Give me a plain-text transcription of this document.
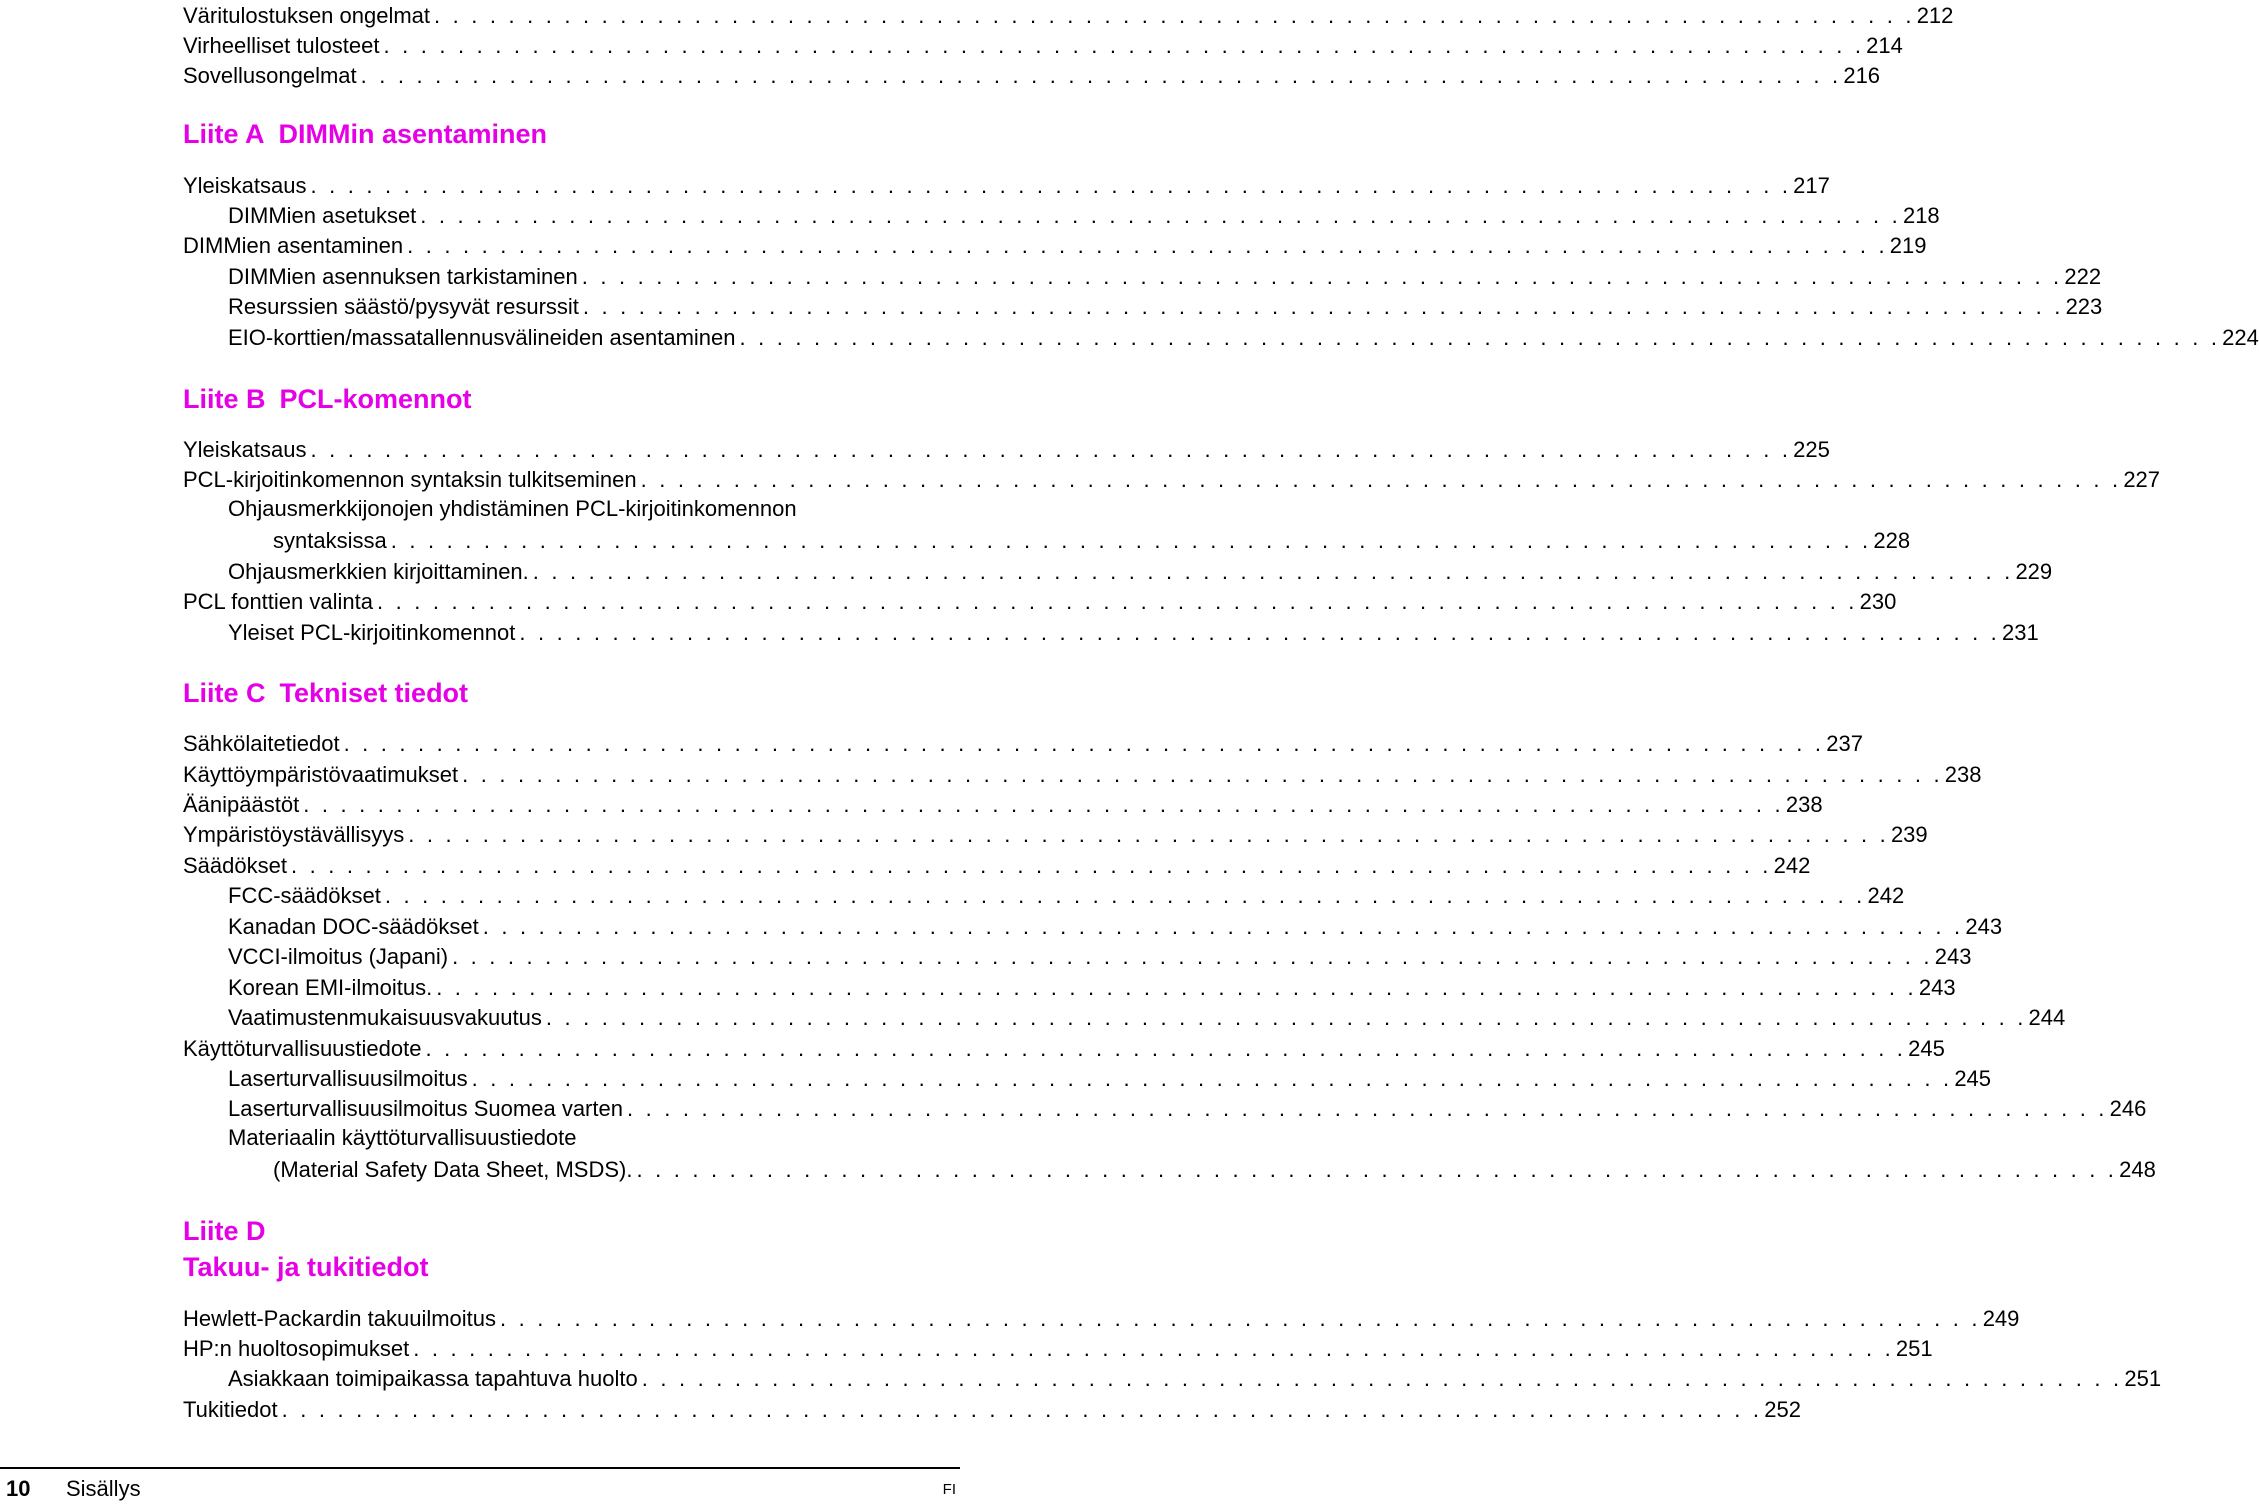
Väritulostuksen ongelmat . . . . . . . . . . . . . . . . . . . . . . . . . . . . . . . . . . . . . . . . . . . . . . . . . . . . . . . . . . . . . . . . . . . . . . . . . . . . . . . . 212
Virheelliset tulosteet . . . . . . . . . . . . . . . . . . . . . . . . . . . . . . . . . . . . . . . . . . . . . . . . . . . . . . . . . . . . . . . . . . . . . . . . . . . . . . . . 214
Sovellusongelmat . . . . . . . . . . . . . . . . . . . . . . . . . . . . . . . . . . . . . . . . . . . . . . . . . . . . . . . . . . . . . . . . . . . . . . . . . . . . . . . . 216
Liite A DIMMin asentaminen
Yleiskatsaus . . . . . . . . . . . . . . . . . . . . . . . . . . . . . . . . . . . . . . . . . . . . . . . . . . . . . . . . . . . . . . . . . . . . . . . . . . . . . . . . 217
DIMMien asetukset . . . . . . . . . . . . . . . . . . . . . . . . . . . . . . . . . . . . . . . . . . . . . . . . . . . . . . . . . . . . . . . . . . . . . . . . . . . . . . . . 218
DIMMien asentaminen . . . . . . . . . . . . . . . . . . . . . . . . . . . . . . . . . . . . . . . . . . . . . . . . . . . . . . . . . . . . . . . . . . . . . . . . . . . . . . . . 219
DIMMien asennuksen tarkistaminen . . . . . . . . . . . . . . . . . . . . . . . . . . . . . . . . . . . . . . . . . . . . . . . . . . . . . . . . . . . . . . . . . . . . . . . . . . . . . . . . 222
Resurssien säästö/pysyvät resurssit . . . . . . . . . . . . . . . . . . . . . . . . . . . . . . . . . . . . . . . . . . . . . . . . . . . . . . . . . . . . . . . . . . . . . . . . . . . . . . . . 223
EIO-korttien/massatallennusvälineiden asentaminen . . . . . . . . . . . . . . . . . . . . . . . . . . . . . . . . . . . . . . . . . . . . . . . . . . . . . . . . . . . . . . . . . . . . . . . . . . . . . . . . 224
Liite B PCL-komennot
Yleiskatsaus . . . . . . . . . . . . . . . . . . . . . . . . . . . . . . . . . . . . . . . . . . . . . . . . . . . . . . . . . . . . . . . . . . . . . . . . . . . . . . . . 225
PCL-kirjoitinkomennon syntaksin tulkitseminen . . . . . . . . . . . . . . . . . . . . . . . . . . . . . . . . . . . . . . . . . . . . . . . . . . . . . . . . . . . . . . . . . . . . . . . . . . . . . . . . 227
Ohjausmerkkijonojen yhdistäminen PCL-kirjoitinkomennon
syntaksissa . . . . . . . . . . . . . . . . . . . . . . . . . . . . . . . . . . . . . . . . . . . . . . . . . . . . . . . . . . . . . . . . . . . . . . . . . . . . . . . . 228
Ohjausmerkkien kirjoittaminen. . . . . . . . . . . . . . . . . . . . . . . . . . . . . . . . . . . . . . . . . . . . . . . . . . . . . . . . . . . . . . . . . . . . . . . . . . . . . . . . . 229
PCL fonttien valinta . . . . . . . . . . . . . . . . . . . . . . . . . . . . . . . . . . . . . . . . . . . . . . . . . . . . . . . . . . . . . . . . . . . . . . . . . . . . . . . . 230
Yleiset PCL-kirjoitinkomennot . . . . . . . . . . . . . . . . . . . . . . . . . . . . . . . . . . . . . . . . . . . . . . . . . . . . . . . . . . . . . . . . . . . . . . . . . . . . . . . . 231
Liite C Tekniset tiedot
Sähkölaitetiedot . . . . . . . . . . . . . . . . . . . . . . . . . . . . . . . . . . . . . . . . . . . . . . . . . . . . . . . . . . . . . . . . . . . . . . . . . . . . . . . . 237
Käyttöympäristövaatimukset . . . . . . . . . . . . . . . . . . . . . . . . . . . . . . . . . . . . . . . . . . . . . . . . . . . . . . . . . . . . . . . . . . . . . . . . . . . . . . . . 238
Äänipäästöt . . . . . . . . . . . . . . . . . . . . . . . . . . . . . . . . . . . . . . . . . . . . . . . . . . . . . . . . . . . . . . . . . . . . . . . . . . . . . . . . 238
Ympäristöystävällisyys . . . . . . . . . . . . . . . . . . . . . . . . . . . . . . . . . . . . . . . . . . . . . . . . . . . . . . . . . . . . . . . . . . . . . . . . . . . . . . . . 239
Säädökset . . . . . . . . . . . . . . . . . . . . . . . . . . . . . . . . . . . . . . . . . . . . . . . . . . . . . . . . . . . . . . . . . . . . . . . . . . . . . . . . 242
FCC-säädökset . . . . . . . . . . . . . . . . . . . . . . . . . . . . . . . . . . . . . . . . . . . . . . . . . . . . . . . . . . . . . . . . . . . . . . . . . . . . . . . . 242
Kanadan DOC-säädökset . . . . . . . . . . . . . . . . . . . . . . . . . . . . . . . . . . . . . . . . . . . . . . . . . . . . . . . . . . . . . . . . . . . . . . . . . . . . . . . . 243
VCCI-ilmoitus (Japani) . . . . . . . . . . . . . . . . . . . . . . . . . . . . . . . . . . . . . . . . . . . . . . . . . . . . . . . . . . . . . . . . . . . . . . . . . . . . . . . . 243
Korean EMI-ilmoitus. . . . . . . . . . . . . . . . . . . . . . . . . . . . . . . . . . . . . . . . . . . . . . . . . . . . . . . . . . . . . . . . . . . . . . . . . . . . . . . . . 243
Vaatimustenmukaisuusvakuutus . . . . . . . . . . . . . . . . . . . . . . . . . . . . . . . . . . . . . . . . . . . . . . . . . . . . . . . . . . . . . . . . . . . . . . . . . . . . . . . . 244
Käyttöturvallisuustiedote . . . . . . . . . . . . . . . . . . . . . . . . . . . . . . . . . . . . . . . . . . . . . . . . . . . . . . . . . . . . . . . . . . . . . . . . . . . . . . . . 245
Laserturvallisuusilmoitus . . . . . . . . . . . . . . . . . . . . . . . . . . . . . . . . . . . . . . . . . . . . . . . . . . . . . . . . . . . . . . . . . . . . . . . . . . . . . . . . 245
Laserturvallisuusilmoitus Suomea varten . . . . . . . . . . . . . . . . . . . . . . . . . . . . . . . . . . . . . . . . . . . . . . . . . . . . . . . . . . . . . . . . . . . . . . . . . . . . . . . . 246
Materiaalin käyttöturvallisuustiedote
(Material Safety Data Sheet, MSDS). . . . . . . . . . . . . . . . . . . . . . . . . . . . . . . . . . . . . . . . . . . . . . . . . . . . . . . . . . . . . . . . . . . . . . . . . . . . . . . . . 248
Liite D
Takuu- ja tukitiedot
Hewlett-Packardin takuuilmoitus . . . . . . . . . . . . . . . . . . . . . . . . . . . . . . . . . . . . . . . . . . . . . . . . . . . . . . . . . . . . . . . . . . . . . . . . . . . . . . . . 249
HP:n huoltosopimukset . . . . . . . . . . . . . . . . . . . . . . . . . . . . . . . . . . . . . . . . . . . . . . . . . . . . . . . . . . . . . . . . . . . . . . . . . . . . . . . . 251
Asiakkaan toimipaikassa tapahtuva huolto . . . . . . . . . . . . . . . . . . . . . . . . . . . . . . . . . . . . . . . . . . . . . . . . . . . . . . . . . . . . . . . . . . . . . . . . . . . . . . . . 251
Tukitiedot . . . . . . . . . . . . . . . . . . . . . . . . . . . . . . . . . . . . . . . . . . . . . . . . . . . . . . . . . . . . . . . . . . . . . . . . . . . . . . . . 252
10 Sisällys	FI
